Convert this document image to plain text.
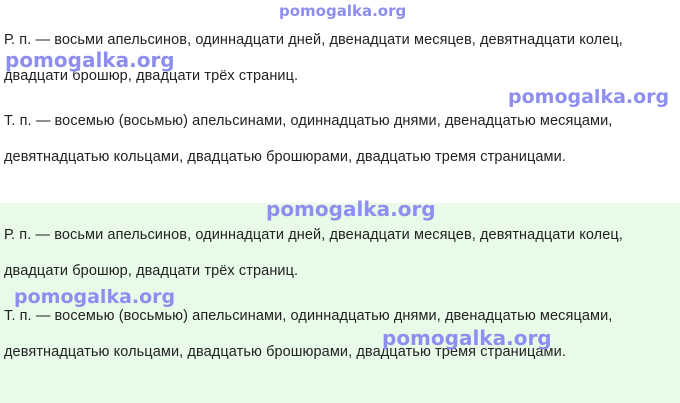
Р. п. — восьми апельсинов, одиннадцати дней, двенадцати месяцев, девятнадцати колец, двадцати брошюр, двадцати трёх страниц.
Т. п. — восемью (восьмью) апельсинами, одиннадцатью днями, двенадцатью месяцами, девятнадцатью кольцами, двадцатью брошюрами, двадцатью тремя страницами.
Р. п. — восьми апельсинов, одиннадцати дней, двенадцати месяцев, девятнадцати колец, двадцати брошюр, двадцати трёх страниц.
Т. п. — восемью (восьмью) апельсинами, одиннадцатью днями, двенадцатью месяцами, девятнадцатью кольцами, двадцатью брошюрами, двадцатью тремя страницами.
pomogalka.org
pomogalka.org
pomogalka.org
pomogalka.org
pomogalka.org
pomogalka.org
